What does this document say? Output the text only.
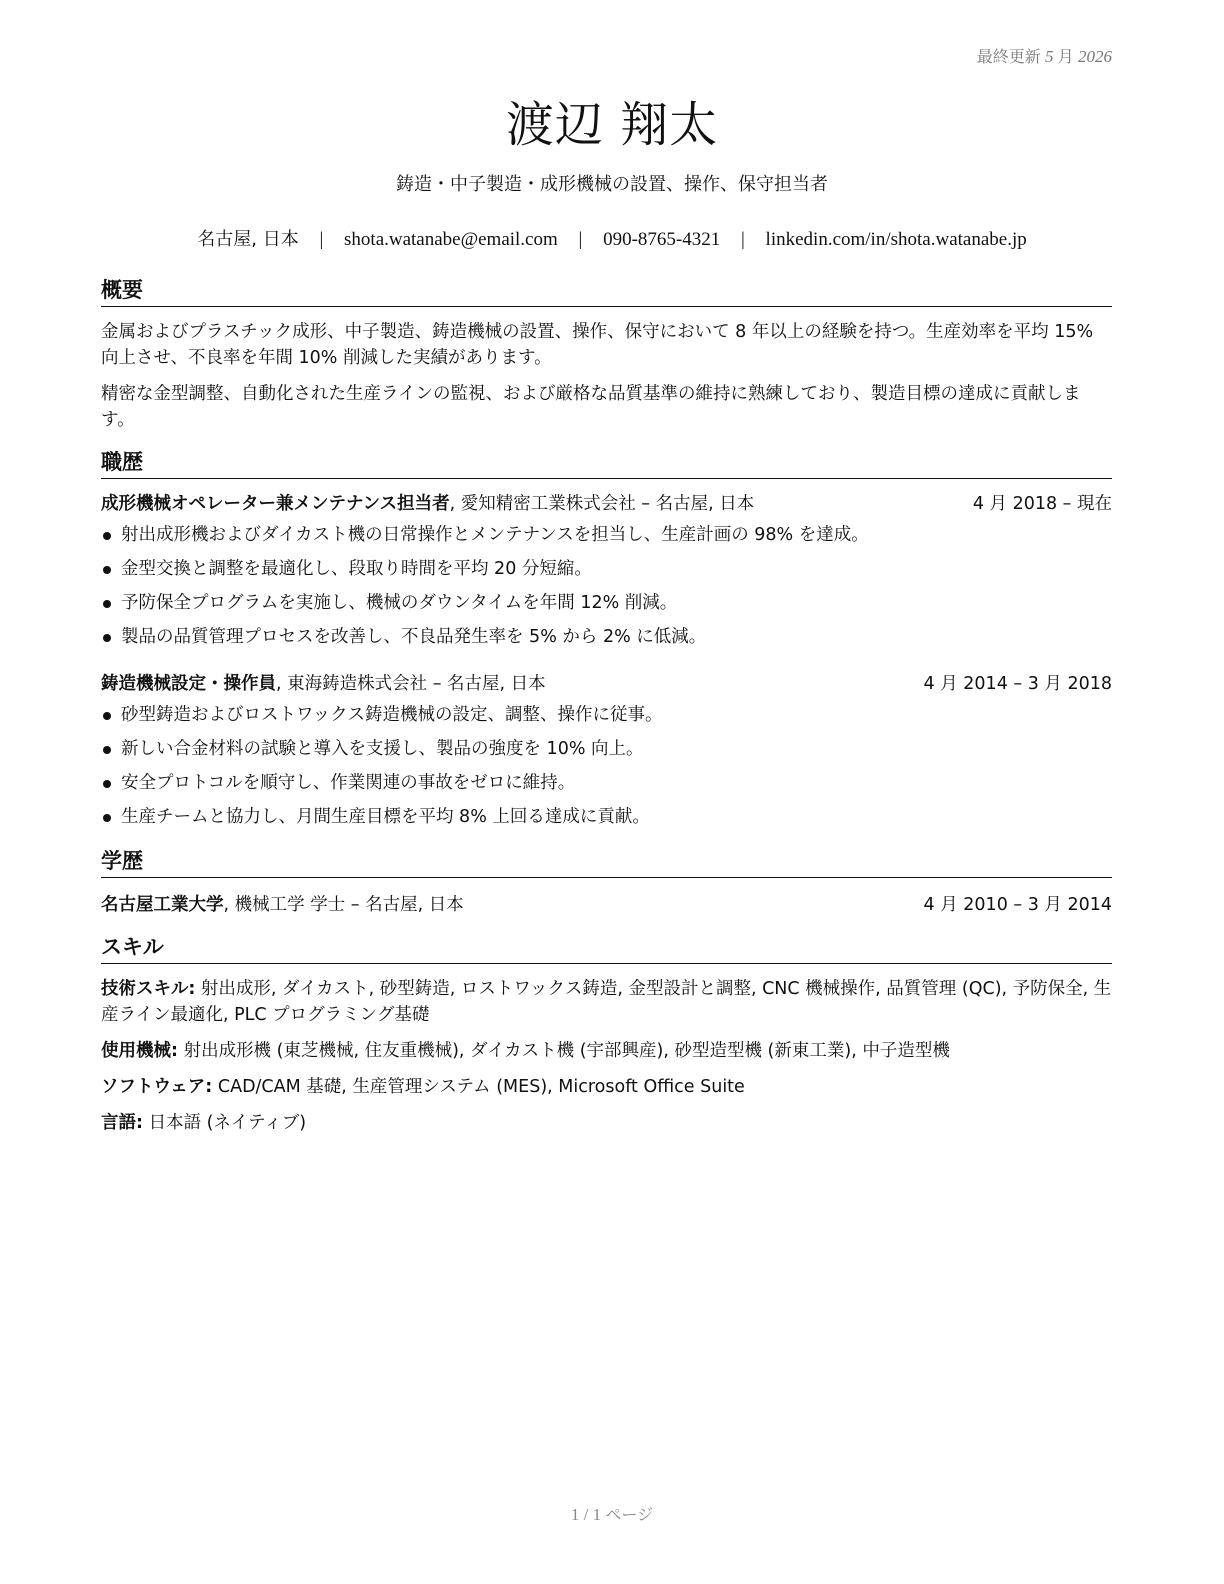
最終更新 5 月 2026
渡辺 翔太
鋳造・中子製造・成形機械の設置、操作、保守担当者
名古屋, 日本 | shota.watanabe@email.com | 090-8765-4321 | linkedin.com/in/shota.watanabe.jp
概要
金属およびプラスチック成形、中子製造、鋳造機械の設置、操作、保守において 8 年以上の経験を持つ。生産効率を平均 15% 向上させ、不良率を年間 10% 削減した実績があります。
精密な金型調整、自動化された生産ラインの監視、および厳格な品質基準の維持に熟練しており、製造目標の達成に貢献します。
職歴
成形機械オペレーター兼メンテナンス担当者, 愛知精密工業株式会社 – 名古屋, 日本	4 月 2018 – 現在
射出成形機およびダイカスト機の日常操作とメンテナンスを担当し、生産計画の 98% を達成。
金型交換と調整を最適化し、段取り時間を平均 20 分短縮。
予防保全プログラムを実施し、機械のダウンタイムを年間 12% 削減。
製品の品質管理プロセスを改善し、不良品発生率を 5% から 2% に低減。
鋳造機械設定・操作員, 東海鋳造株式会社 – 名古屋, 日本	4 月 2014 – 3 月 2018
砂型鋳造およびロストワックス鋳造機械の設定、調整、操作に従事。
新しい合金材料の試験と導入を支援し、製品の強度を 10% 向上。
安全プロトコルを順守し、作業関連の事故をゼロに維持。
生産チームと協力し、月間生産目標を平均 8% 上回る達成に貢献。
学歴
名古屋工業大学, 機械工学 学士 – 名古屋, 日本	4 月 2010 – 3 月 2014
スキル
技術スキル: 射出成形, ダイカスト, 砂型鋳造, ロストワックス鋳造, 金型設計と調整, CNC 機械操作, 品質管理 (QC), 予防保全, 生産ライン最適化, PLC プログラミング基礎
使用機械: 射出成形機 (東芝機械, 住友重機械), ダイカスト機 (宇部興産), 砂型造型機 (新東工業), 中子造型機
ソフトウェア: CAD/CAM 基礎, 生産管理システム (MES), Microsoft Office Suite
言語: 日本語 (ネイティブ)
1 / 1 ページ
